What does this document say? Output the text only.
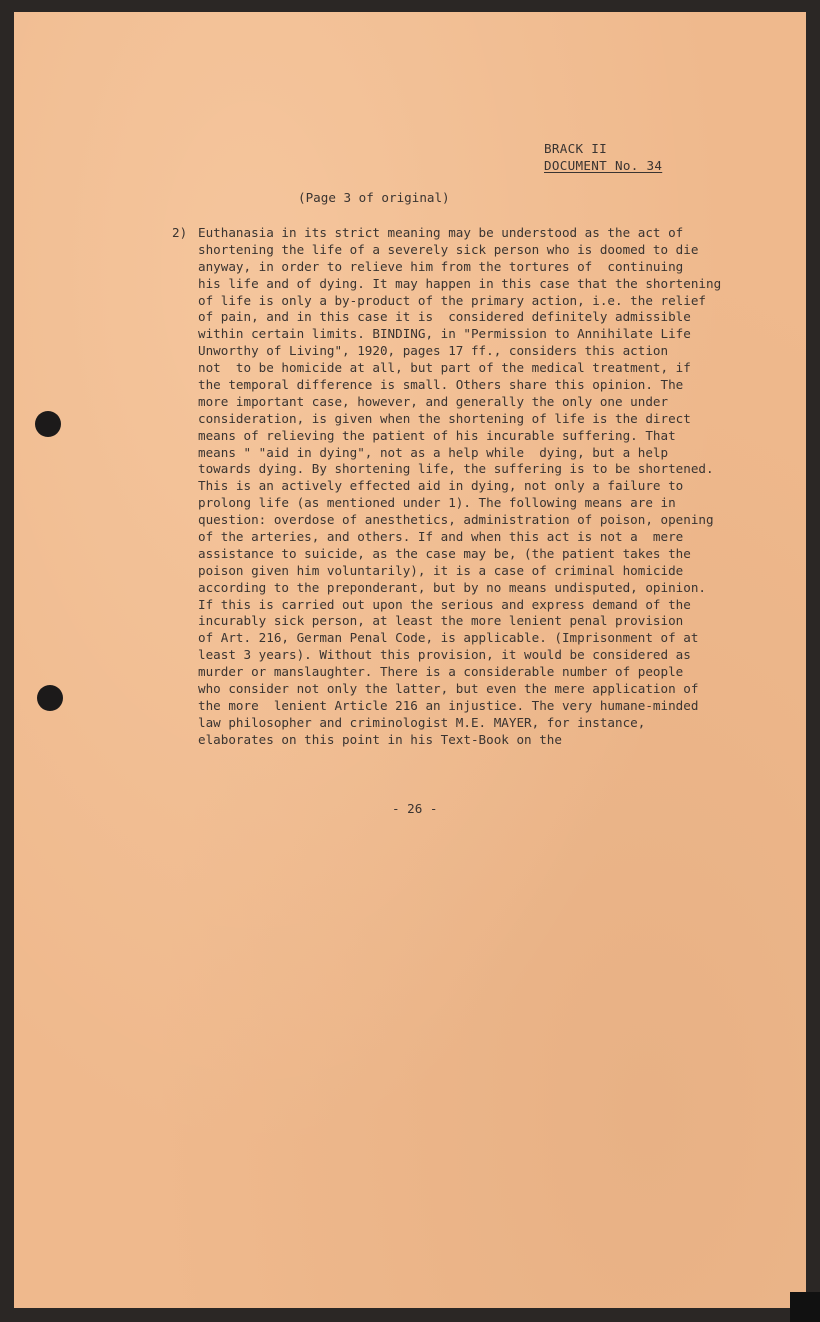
BRACK II
DOCUMENT No. 34
(Page 3 of original)
2) Euthanasia in its strict meaning may be understood as the act of
shortening the life of a severely sick person who is doomed to die
anyway, in order to relieve him from the tortures of  continuing
his life and of dying. It may happen in this case that the shortening
of life is only a by-product of the primary action, i.e. the relief
of pain, and in this case it is  considered definitely admissible
within certain limits. BINDING, in "Permission to Annihilate Life
Unworthy of Living", 1920, pages 17 ff., considers this action
not  to be homicide at all, but part of the medical treatment, if
the temporal difference is small. Others share this opinion. The
more important case, however, and generally the only one under
consideration, is given when the shortening of life is the direct
means of relieving the patient of his incurable suffering. That
means " "aid in dying", not as a help while  dying, but a help
towards dying. By shortening life, the suffering is to be shortened.
This is an actively effected aid in dying, not only a failure to
prolong life (as mentioned under 1). The following means are in
question: overdose of anesthetics, administration of poison, opening
of the arteries, and others. If and when this act is not a  mere
assistance to suicide, as the case may be, (the patient takes the
poison given him voluntarily), it is a case of criminal homicide
according to the preponderant, but by no means undisputed, opinion.
If this is carried out upon the serious and express demand of the
incurably sick person, at least the more lenient penal provision
of Art. 216, German Penal Code, is applicable. (Imprisonment of at
least 3 years). Without this provision, it would be considered as
murder or manslaughter. There is a considerable number of people
who consider not only the latter, but even the mere application of
the more  lenient Article 216 an injustice. The very humane-minded
law philosopher and criminologist M.E. MAYER, for instance,
elaborates on this point in his Text-Book on the
- 26 -
